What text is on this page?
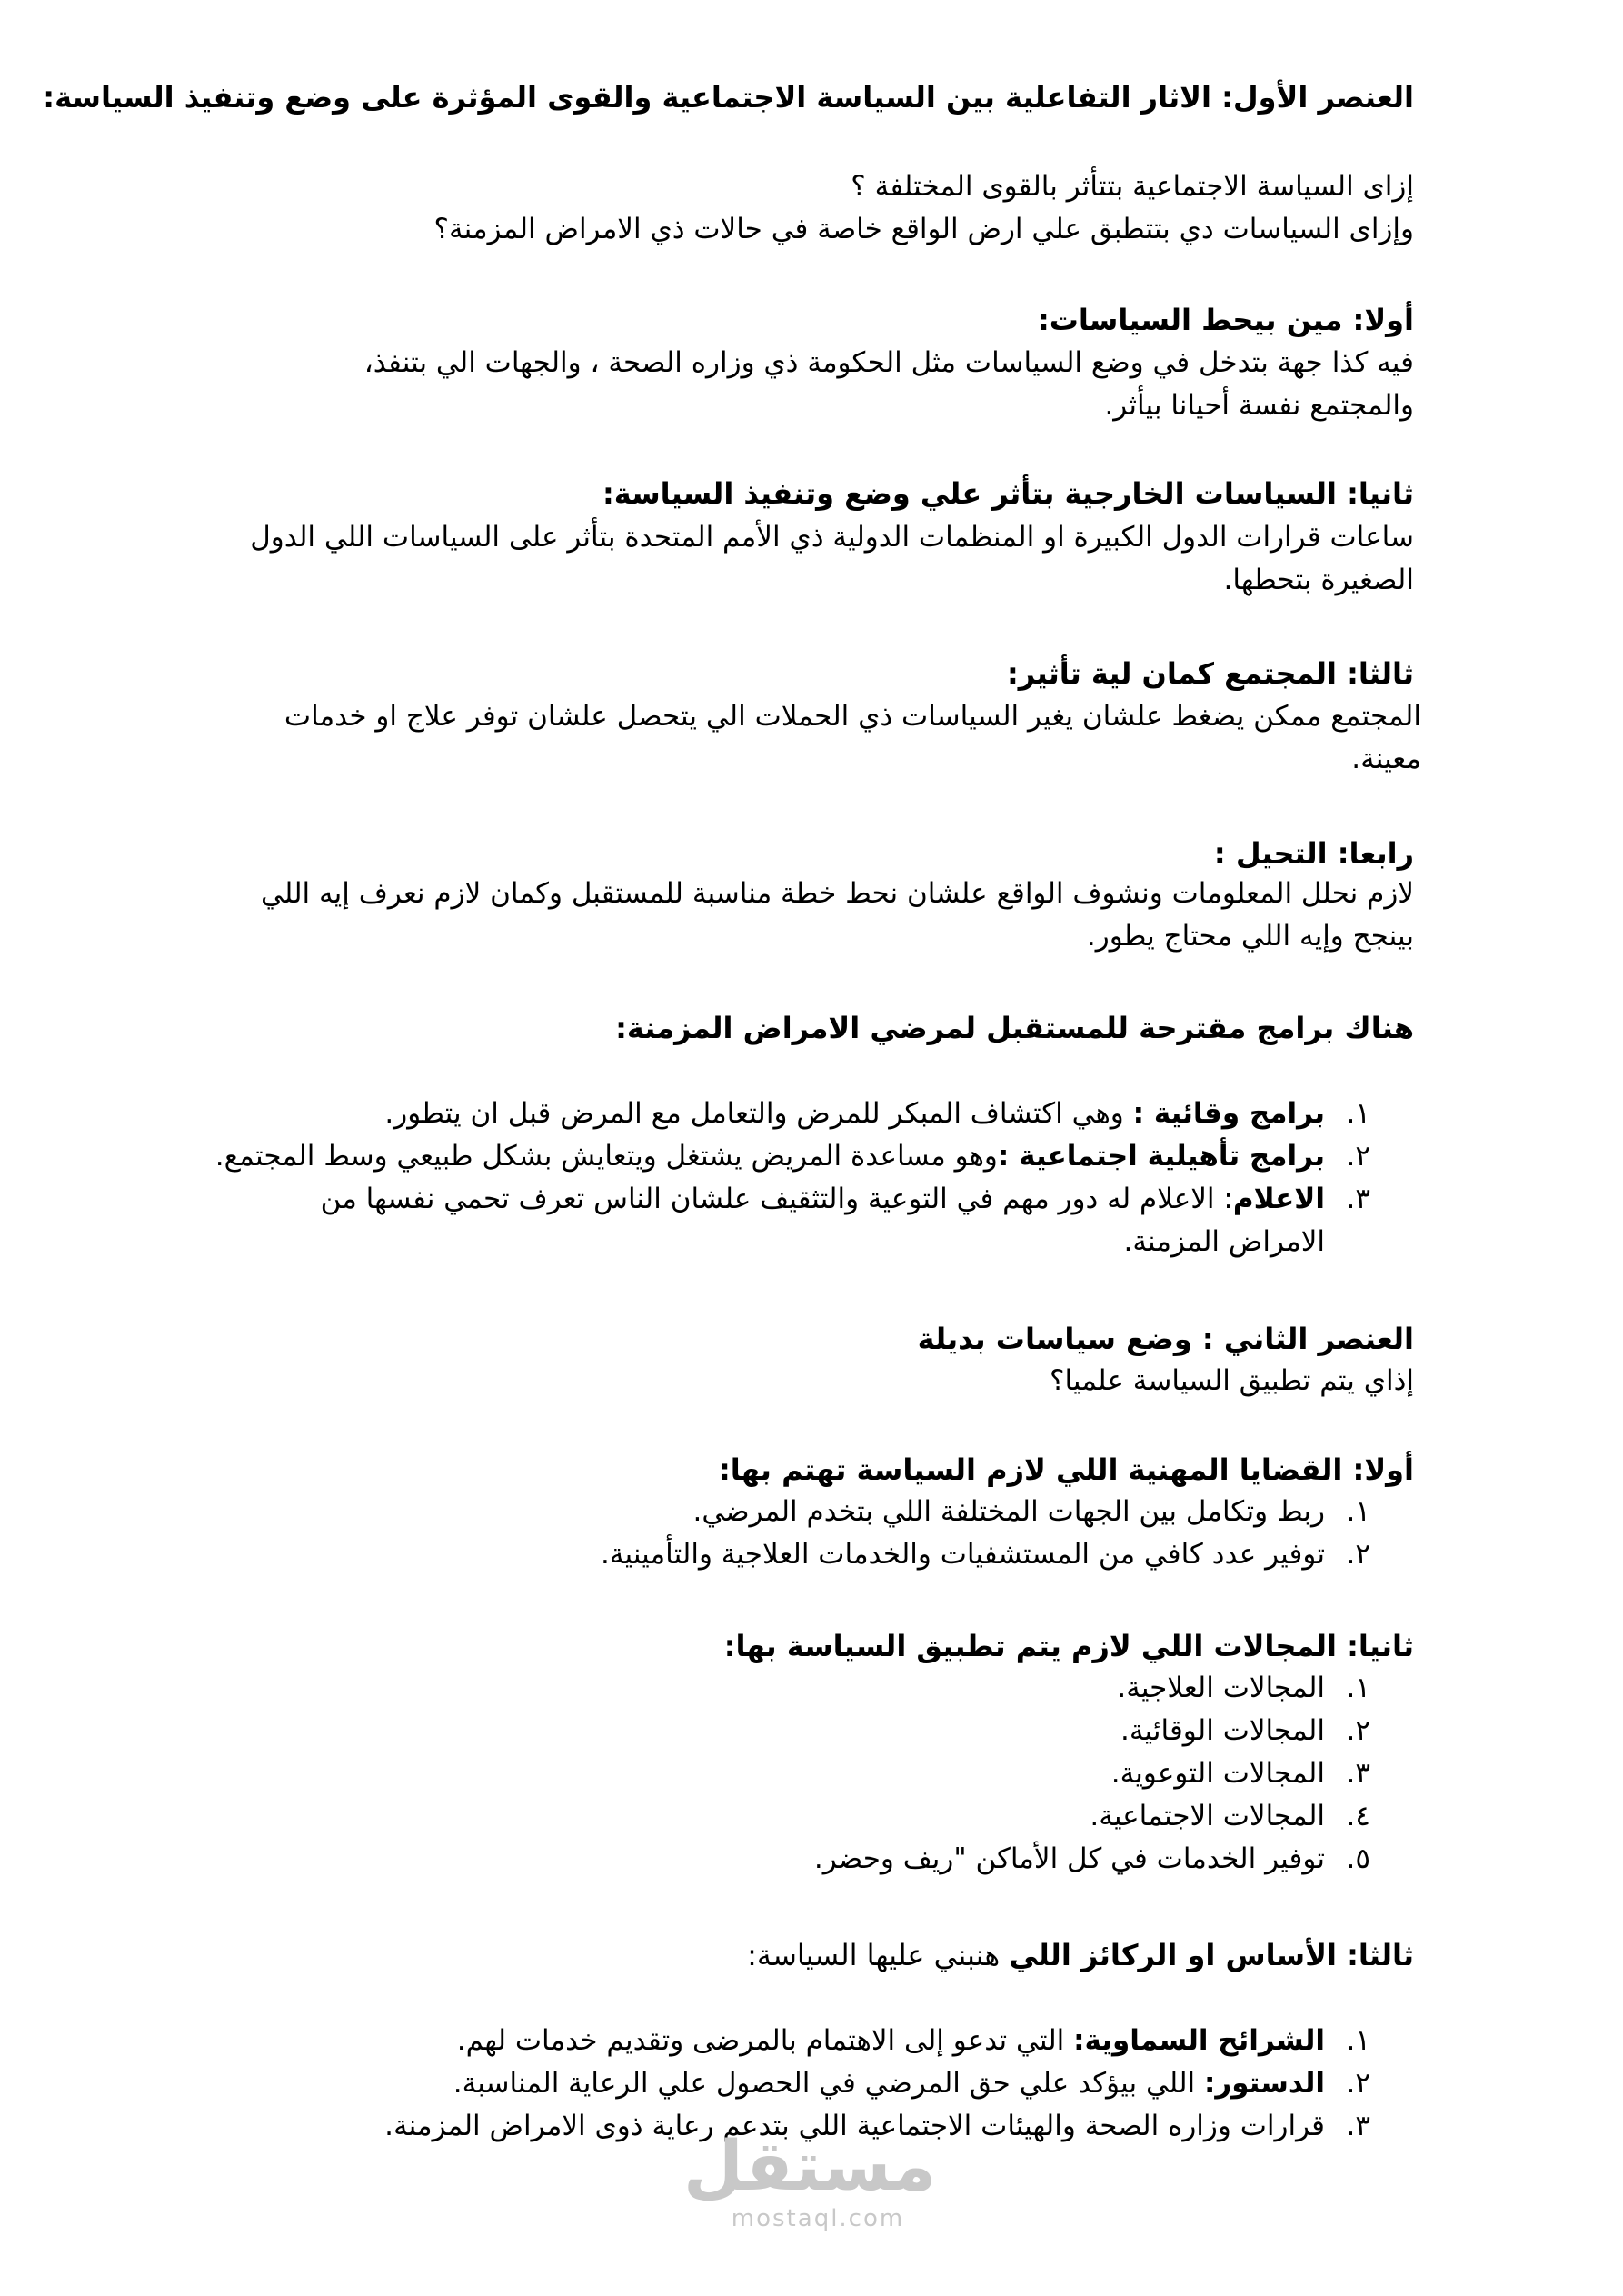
العنصر الأول: الاثار التفاعلية بين السياسة الاجتماعية والقوى المؤثرة على وضع وتنفيذ السياسة:
إزاى السياسة الاجتماعية بتتأثر بالقوى المختلفة ؟
وإزاى السياسات دي بتتطبق علي ارض الواقع خاصة في حالات ذي الامراض المزمنة؟
أولا: مين بيحط السياسات:
فيه كذا جهة بتدخل في وضع السياسات مثل الحكومة ذي وزاره الصحة ، والجهات الي بتنفذ،
والمجتمع نفسة أحيانا بيأثر.
ثانيا: السياسات الخارجية بتأثر علي وضع وتنفيذ السياسة:
ساعات قرارات الدول الكبيرة او المنظمات الدولية ذي الأمم المتحدة بتأثر على السياسات اللي الدول
الصغيرة بتحطها.
ثالثا: المجتمع كمان لية تأثير:
المجتمع ممكن يضغط علشان يغير السياسات ذي الحملات الي يتحصل علشان توفر علاج او خدمات
معينة.
رابعا: التحيل :
لازم نحلل المعلومات ونشوف الواقع علشان نحط خطة مناسبة للمستقبل وكمان لازم نعرف إيه اللي
بينجح وإيه اللي محتاج يطور.
هناك برامج مقترحة للمستقبل لمرضي الامراض المزمنة:
١.
برامج وقائية : وهي اكتشاف المبكر للمرض والتعامل مع المرض قبل ان يتطور.
٢.
برامج تأهيلية اجتماعية :وهو مساعدة المريض يشتغل ويتعايش بشكل طبيعي وسط المجتمع.
٣.
الاعلام: الاعلام له دور مهم في التوعية والتثقيف علشان الناس تعرف تحمي نفسها من
الامراض المزمنة.
العنصر الثاني : وضع سياسات بديلة
إذاي يتم تطبيق السياسة علميا؟
أولا: القضايا المهنية اللي لازم السياسة تهتم بها:
١.
ربط وتكامل بين الجهات المختلفة اللي بتخدم المرضي.
٢.
توفير عدد كافي من المستشفيات والخدمات العلاجية والتأمينية.
ثانيا: المجالات اللي لازم يتم تطبيق السياسة بها:
١.
المجالات العلاجية.
٢.
المجالات الوقائية.
٣.
المجالات التوعوية.
٤.
المجالات الاجتماعية.
٥.
توفير الخدمات في كل الأماكن "ريف وحضر.
ثالثا: الأساس او الركائز اللي هنبني عليها السياسة:
١.
الشرائح السماوية: التي تدعو إلى الاهتمام بالمرضى وتقديم خدمات لهم.
٢.
الدستور: اللي بيؤكد علي حق المرضي في الحصول علي الرعاية المناسبة.
٣.
قرارات وزاره الصحة والهيئات الاجتماعية اللي بتدعم رعاية ذوى الامراض المزمنة.
مستقل
mostaql.com
